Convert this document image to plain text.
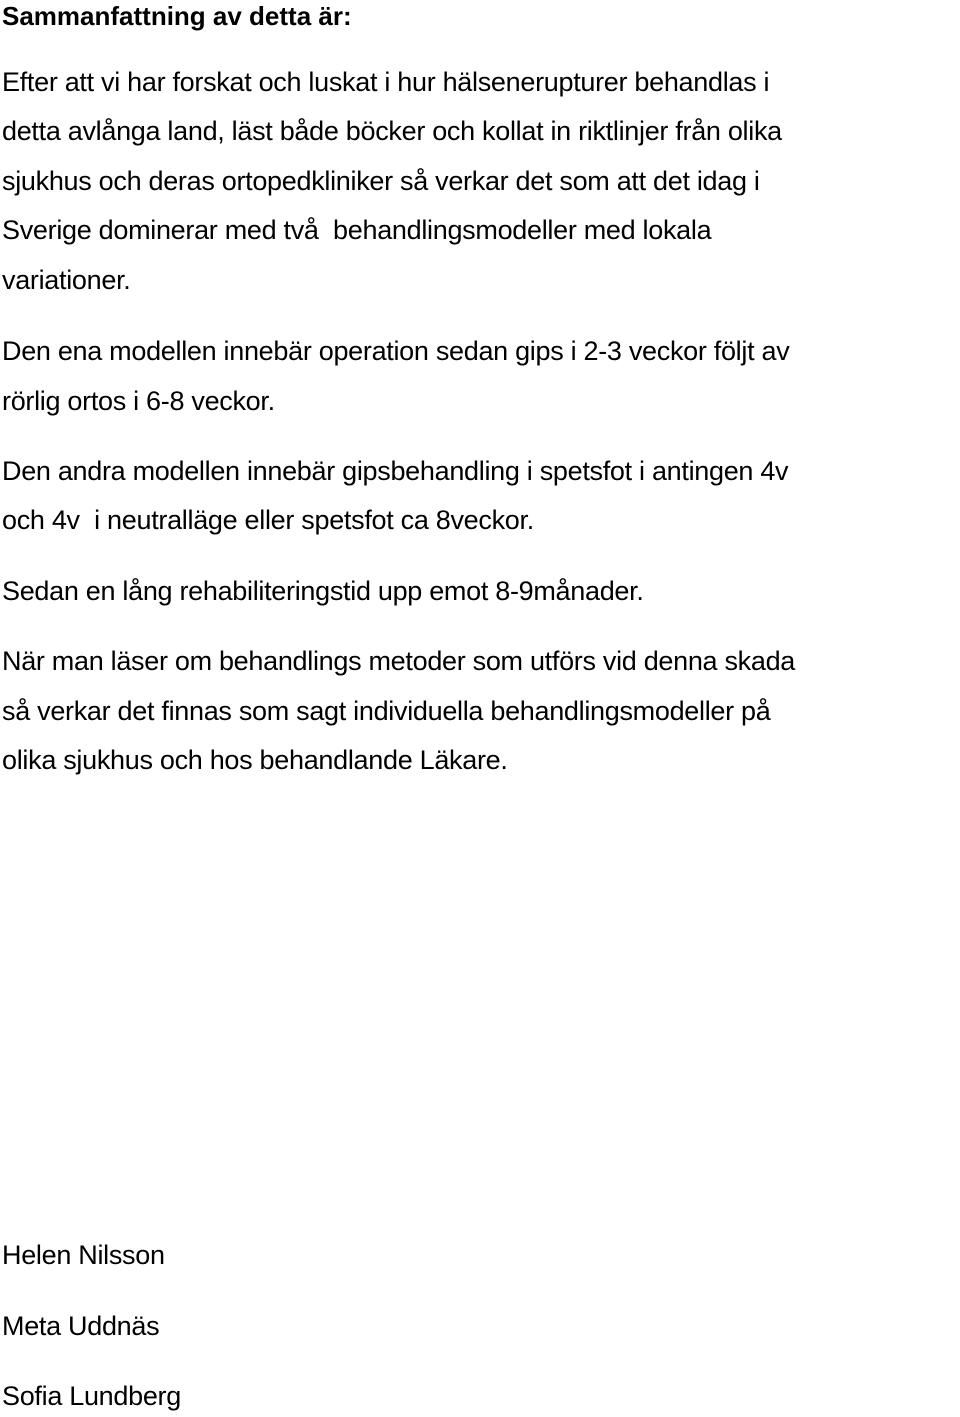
Sammanfattning av detta är:

Efter att vi har forskat och luskat i hur hälsenerupturer behandlas i

detta avlånga land, läst både böcker och kollat in riktlinjer från olika

sjukhus och deras ortopedkliniker så verkar det som att det idag i

Sverige dominerar med två  behandlingsmodeller med lokala

variationer.

Den ena modellen innebär operation sedan gips i 2-3 veckor följt av

rörlig ortos i 6-8 veckor.

Den andra modellen innebär gipsbehandling i spetsfot i antingen 4v

och 4v  i neutralläge eller spetsfot ca 8veckor.

Sedan en lång rehabiliteringstid upp emot 8-9månader.

När man läser om behandlings metoder som utförs vid denna skada

så verkar det finnas som sagt individuella behandlingsmodeller på

olika sjukhus och hos behandlande Läkare.

Helen Nilsson

Meta Uddnäs

Sofia Lundberg
